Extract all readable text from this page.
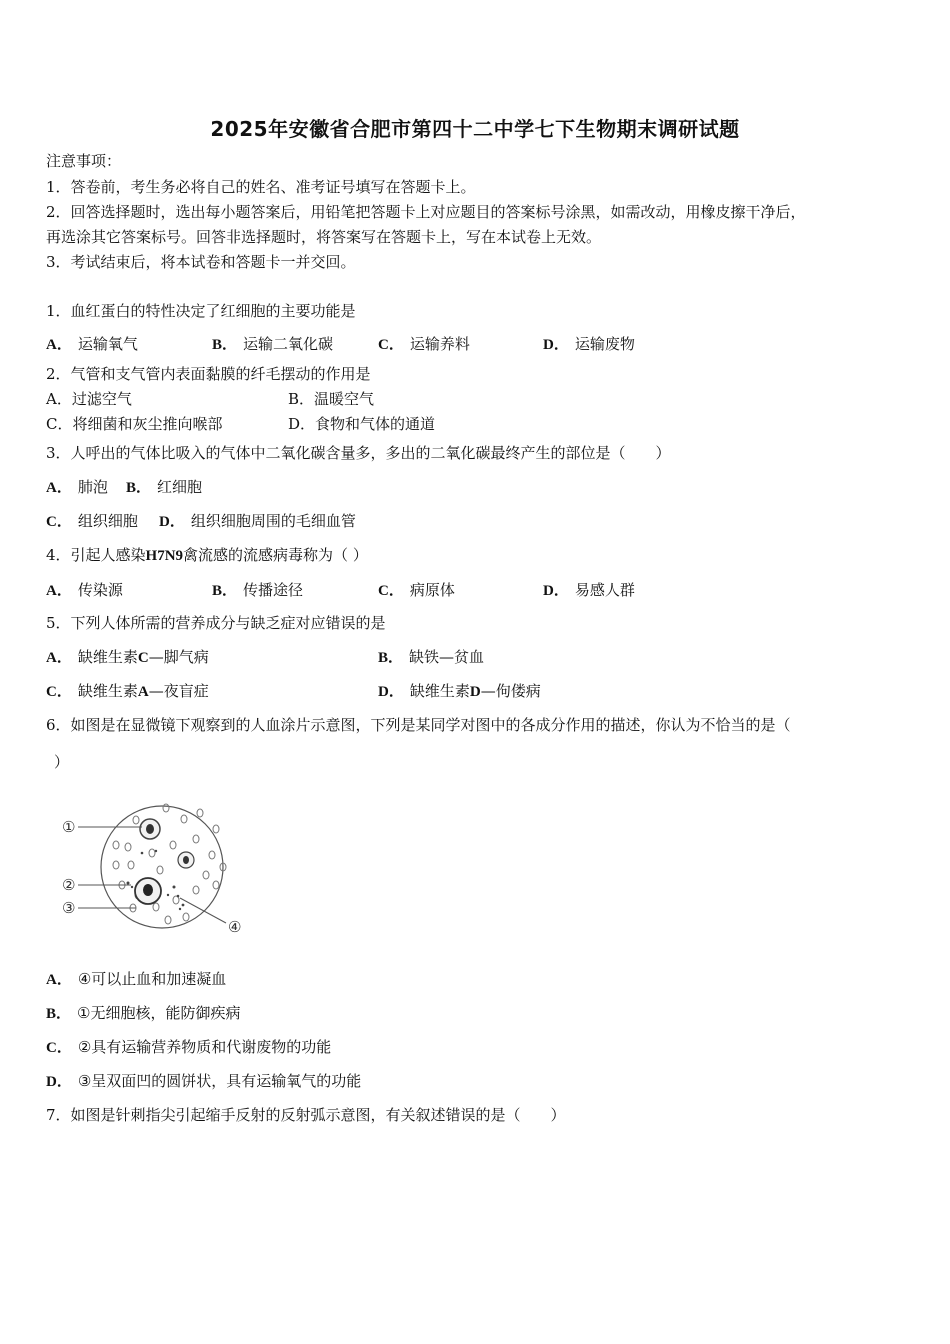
2025年安徽省合肥市第四十二中学七下生物期末调研试题
注意事项：
1．答卷前，考生务必将自己的姓名、准考证号填写在答题卡上。
2．回答选择题时，选出每小题答案后，用铅笔把答题卡上对应题目的答案标号涂黑，如需改动，用橡皮擦干净后，
再选涂其它答案标号。回答非选择题时，将答案写在答题卡上，写在本试卷上无效。
3．考试结束后，将本试卷和答题卡一并交回。
1．血红蛋白的特性决定了红细胞的主要功能是
A． 运输氧气	B． 运输二氧化碳	C． 运输养料	D． 运输废物
2．气管和支气管内表面黏膜的纤毛摆动的作用是
A．过滤空气	B．温暖空气
C．将细菌和灰尘推向喉部	D．食物和气体的通道
3．人呼出的气体比吸入的气体中二氧化碳含量多，多出的二氧化碳最终产生的部位是（　　）
A． 肺泡 B． 红细胞
C． 组织细胞 D． 组织细胞周围的毛细血管
4．引起人感染H7N9禽流感的流感病毒称为（ ）
A． 传染源	B． 传播途径	C． 病原体	D． 易感人群
5．下列人体所需的营养成分与缺乏症对应错误的是
A． 缺维生素C—脚气病	B． 缺铁—贫血
C． 缺维生素A—夜盲症	D． 缺维生素D—佝偻病
6．如图是在显微镜下观察到的人血涂片示意图，下列是某同学对图中的各成分作用的描述，你认为不恰当的是（
）
①
②
③
④
A． ④可以止血和加速凝血
B． ①无细胞核，能防御疾病
C． ②具有运输营养物质和代谢废物的功能
D． ③呈双面凹的圆饼状，具有运输氧气的功能
7．如图是针刺指尖引起缩手反射的反射弧示意图，有关叙述错误的是（　　）
